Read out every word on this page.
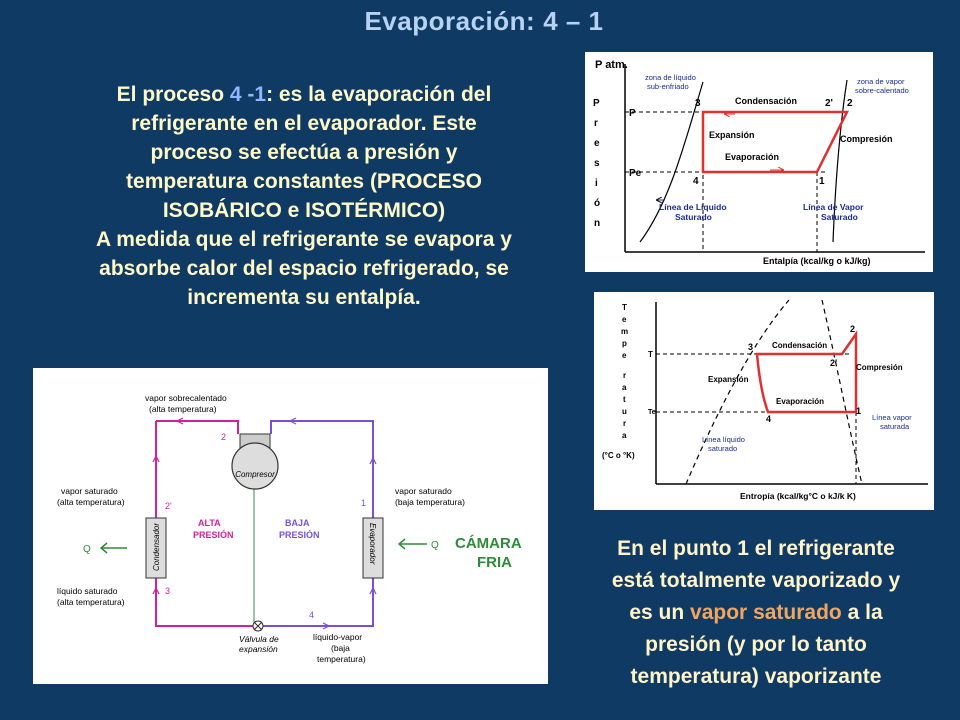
Evaporación: 4 – 1
El proceso 4 -1: es la evaporación del
refrigerante en el evaporador. Este
proceso se efectúa a presión y
temperatura constantes (PROCESO
ISOBÁRICO e ISOTÉRMICO)
A medida que el refrigerante se evapora y
absorbe calor del espacio refrigerado, se
incrementa su entalpía.
En el punto 1 el refrigerante
está totalmente vaporizado y
es un vapor saturado a la
presión (y por lo tanto
temperatura) vaporizante
P atm.
P
r
e
s
i
ó
n
P
Pe
zona de líquido
sub-enfriado
zona de vapor
sobre-calentado
3	2' 2
4	1
Condensación
Expansión
Evaporación
Compresión
Línea de Líquido
Saturado
Línea de Vapor
Saturado
Entalpía (kcal/kg o kJ/kg)
T
e
m
p
e
r
a
t
u
r
a
(°C o °K)
T
Te
3
2'
2
4
1
Condensación
Expansión
Evaporación
Compresión
Línea vapor
saturada
Línea líquido
saturado
Entropía (kcal/kg°C o kJ/k K)
Compresor
Condensador	Evaporador
vapor sobrecalentado
(alta temperatura)
2
vapor saturado
(alta temperatura)	2'
ALTA
PRESIÓN
BAJA
PRESIÓN
1
vapor saturado
(baja temperatura)
Q	Q CÁMARA
FRIA
3
líquido saturado
(alta temperatura)
4
Válvula de
expansión
líquido-vapor
(baja
temperatura)
